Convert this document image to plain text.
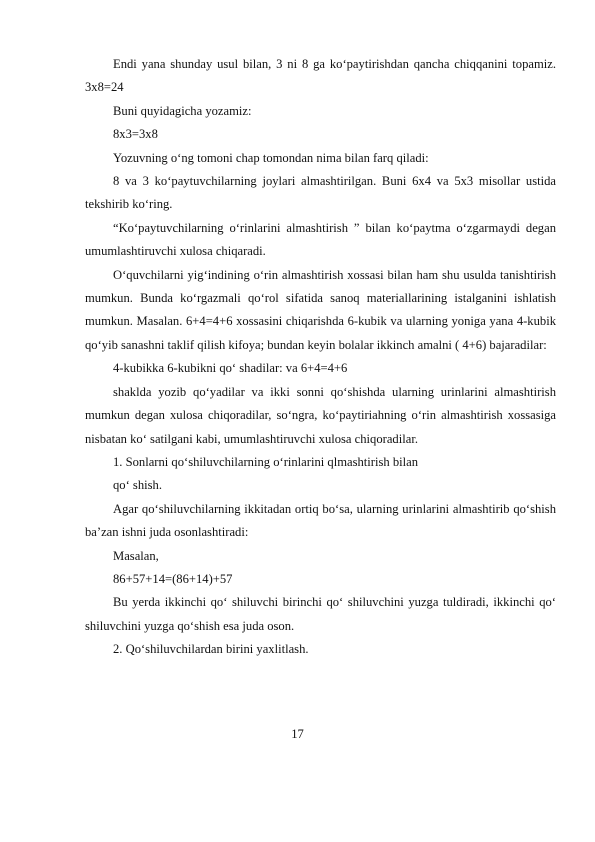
Endi yana shunday usul bilan, 3 ni 8 ga ko‘paytirishdan qancha chiqqanini topamiz. 3x8=24

Buni quyidagicha yozamiz:

8x3=3x8

Yozuvning o‘ng tomoni chap tomondan nima bilan farq qiladi:

8 va 3 ko‘paytuvchilarning joylari almashtirilgan. Buni 6x4 va 5x3 misollar ustida tekshirib ko‘ring.

“Ko‘paytuvchilarning o‘rinlarini almashtirish ” bilan ko‘paytma o‘zgarmaydi degan umumlashtiruvchi xulosa chiqaradi.

O‘quvchilarni yig‘indining o‘rin almashtirish xossasi bilan ham shu usulda tanishtirish mumkun. Bunda ko‘rgazmali qo‘rol sifatida sanoq materiallarining istalganini ishlatish mumkun. Masalan. 6+4=4+6 xossasini chiqarishda 6-kubik va ularning yoniga yana 4-kubik qo‘yib sanashni taklif qilish kifoya; bundan keyin bolalar ikkinch amalni ( 4+6) bajaradilar:

4-kubikka 6-kubikni qo‘ shadilar: va 6+4=4+6

shaklda yozib qo‘yadilar va ikki sonni qo‘shishda ularning urinlarini almashtirish mumkun degan xulosa chiqoradilar, so‘ngra, ko‘paytiriahning o‘rin almashtirish xossasiga nisbatan ko‘ satilgani kabi, umumlashtiruvchi xulosa chiqoradilar.

1. Sonlarni qo‘shiluvchilarning o‘rinlarini qlmashtirish bilan

qo‘ shish.

Agar qo‘shiluvchilarning ikkitadan ortiq bo‘sa, ularning urinlarini almashtirib qo‘shish ba’zan ishni juda osonlashtiradi:

Masalan,

86+57+14=(86+14)+57

Bu yerda ikkinchi qo‘ shiluvchi birinchi qo‘ shiluvchini yuzga tuldiradi, ikkinchi qo‘ shiluvchini yuzga qo‘shish esa juda oson.

2. Qo‘shiluvchilardan birini yaxlitlash.

17
